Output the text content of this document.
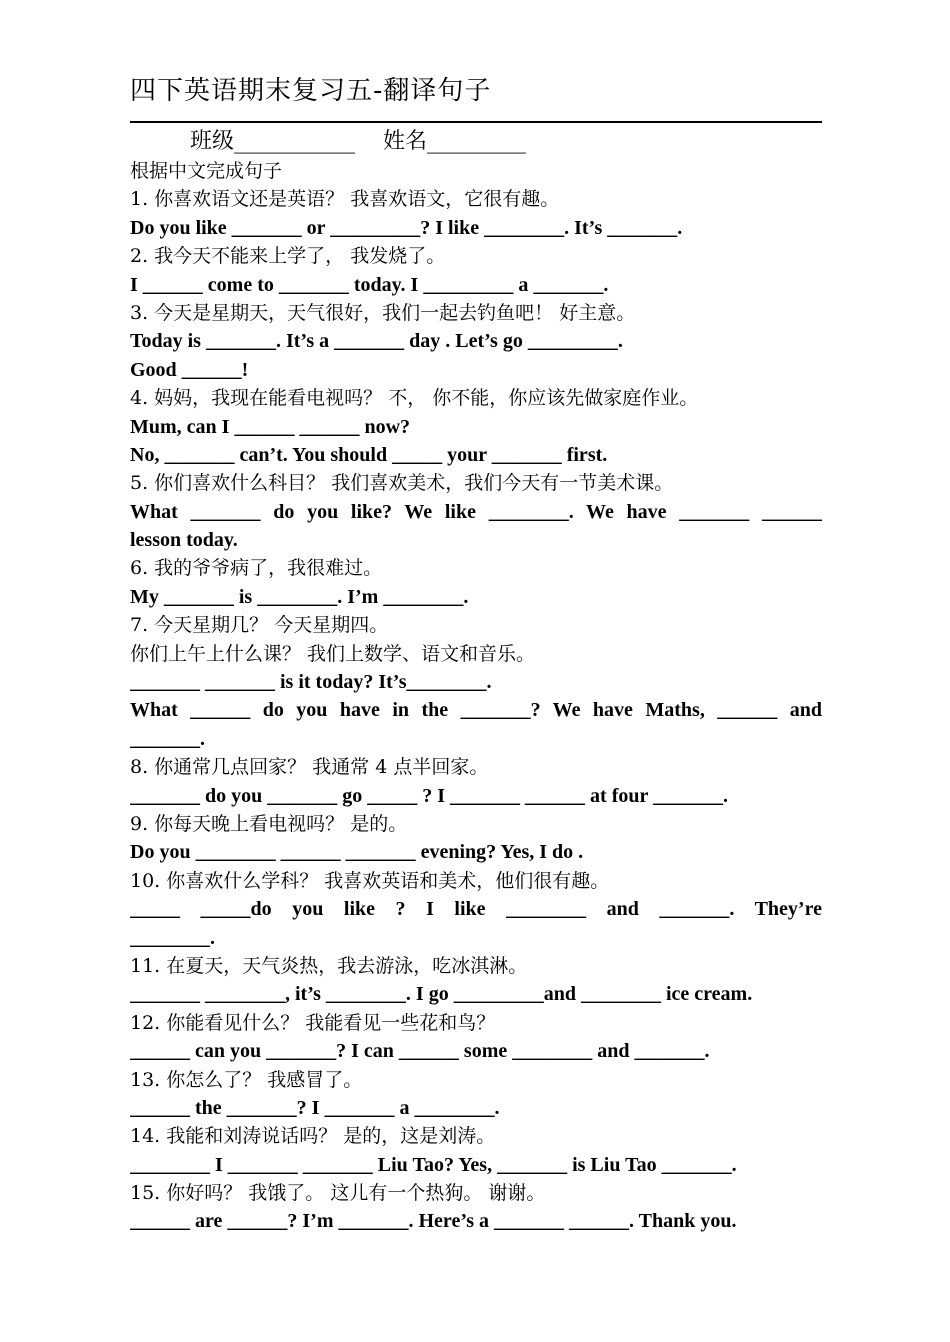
四下英语期末复习五-翻译句子
班级___________    姓名_________
根据中文完成句子
1. 你喜欢语文还是英语？ 我喜欢语文，它很有趣。
Do you like _______ or _________? I like ________. It’s _______.
2. 我今天不能来上学了， 我发烧了。
I ______ come to _______ today. I _________ a _______.
3. 今天是星期天，天气很好，我们一起去钓鱼吧！ 好主意。
Today is _______. It’s a _______ day . Let’s go _________.
Good ______!
4. 妈妈，我现在能看电视吗？ 不， 你不能，你应该先做家庭作业。
Mum, can I ______ ______ now?
No, _______ can’t. You should _____ your _______ first.
5. 你们喜欢什么科目？ 我们喜欢美术，我们今天有一节美术课。
What _______ do you like? We like ________. We have _______ ______
lesson today.
6. 我的爷爷病了，我很难过。
My _______ is ________. I’m ________.
7. 今天星期几？ 今天星期四。
你们上午上什么课？ 我们上数学、语文和音乐。
_______ _______ is it today? It’s________.
What ______ do you have in the _______? We have Maths, ______ and
_______.
8. 你通常几点回家？ 我通常 4 点半回家。
_______ do you _______ go _____ ? I _______ ______ at four _______.
9. 你每天晚上看电视吗？ 是的。
Do you ________ ______ _______ evening? Yes, I do .
10. 你喜欢什么学科？ 我喜欢英语和美术，他们很有趣。
_____ _____do you like ? I like ________ and _______. They’re
________.
11. 在夏天，天气炎热，我去游泳，吃冰淇淋。
_______ ________, it’s ________. I go _________and ________ ice cream.
12. 你能看见什么？ 我能看见一些花和鸟？
______ can you _______? I can ______ some ________ and _______.
13. 你怎么了？ 我感冒了。
______ the _______? I _______ a ________.
14. 我能和刘涛说话吗？ 是的，这是刘涛。
________ I _______ _______ Liu Tao? Yes, _______ is Liu Tao _______.
15. 你好吗？ 我饿了。 这儿有一个热狗。 谢谢。
______ are ______? I’m _______. Here’s a _______ ______. Thank you.
